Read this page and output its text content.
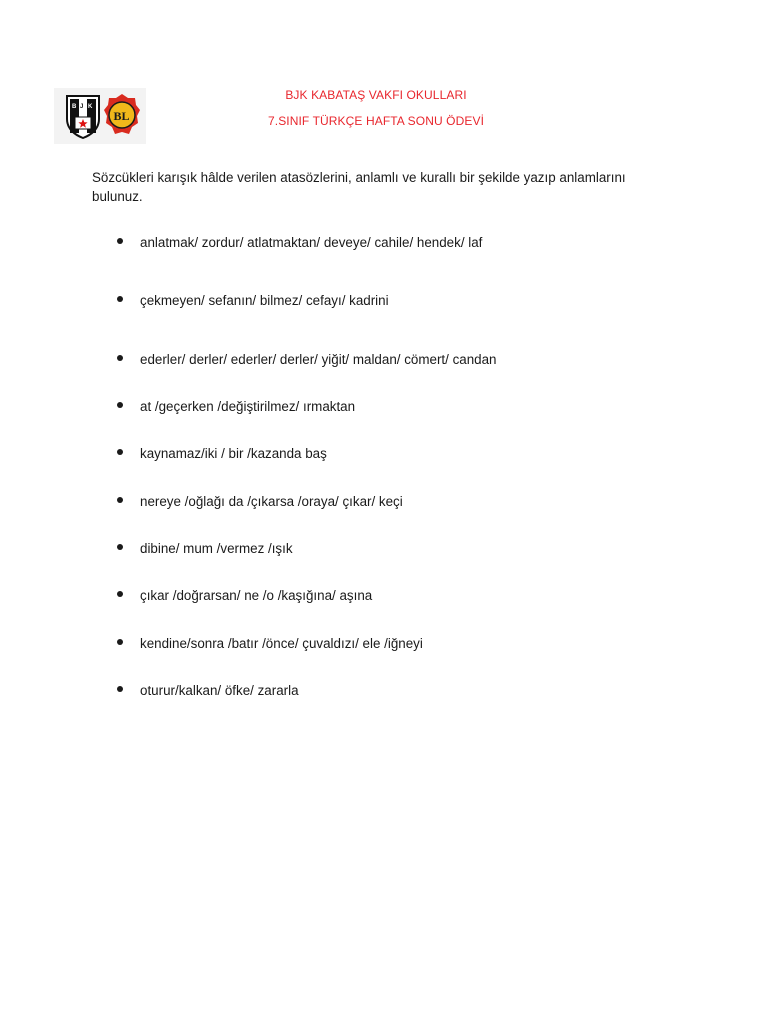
B J K
BL
BJK KABATAŞ VAKFI OKULLARI
7.SINIF TÜRKÇE HAFTA SONU ÖDEVİ
Sözcükleri karışık hâlde verilen atasözlerini, anlamlı ve kurallı bir şekilde yazıp anlamlarını bulunuz.
anlatmak/ zordur/ atlatmaktan/ deveye/ cahile/ hendek/ laf
çekmeyen/ sefanın/ bilmez/ cefayı/ kadrini
ederler/ derler/ ederler/ derler/ yiğit/ maldan/ cömert/ candan
at /geçerken /değiştirilmez/ ırmaktan
kaynamaz/iki / bir /kazanda baş
nereye /oğlağı da /çıkarsa /oraya/ çıkar/ keçi
dibine/ mum /vermez /ışık
çıkar /doğrarsan/ ne /o /kaşığına/ aşına
kendine/sonra /batır /önce/ çuvaldızı/ ele /iğneyi
oturur/kalkan/ öfke/ zararla
